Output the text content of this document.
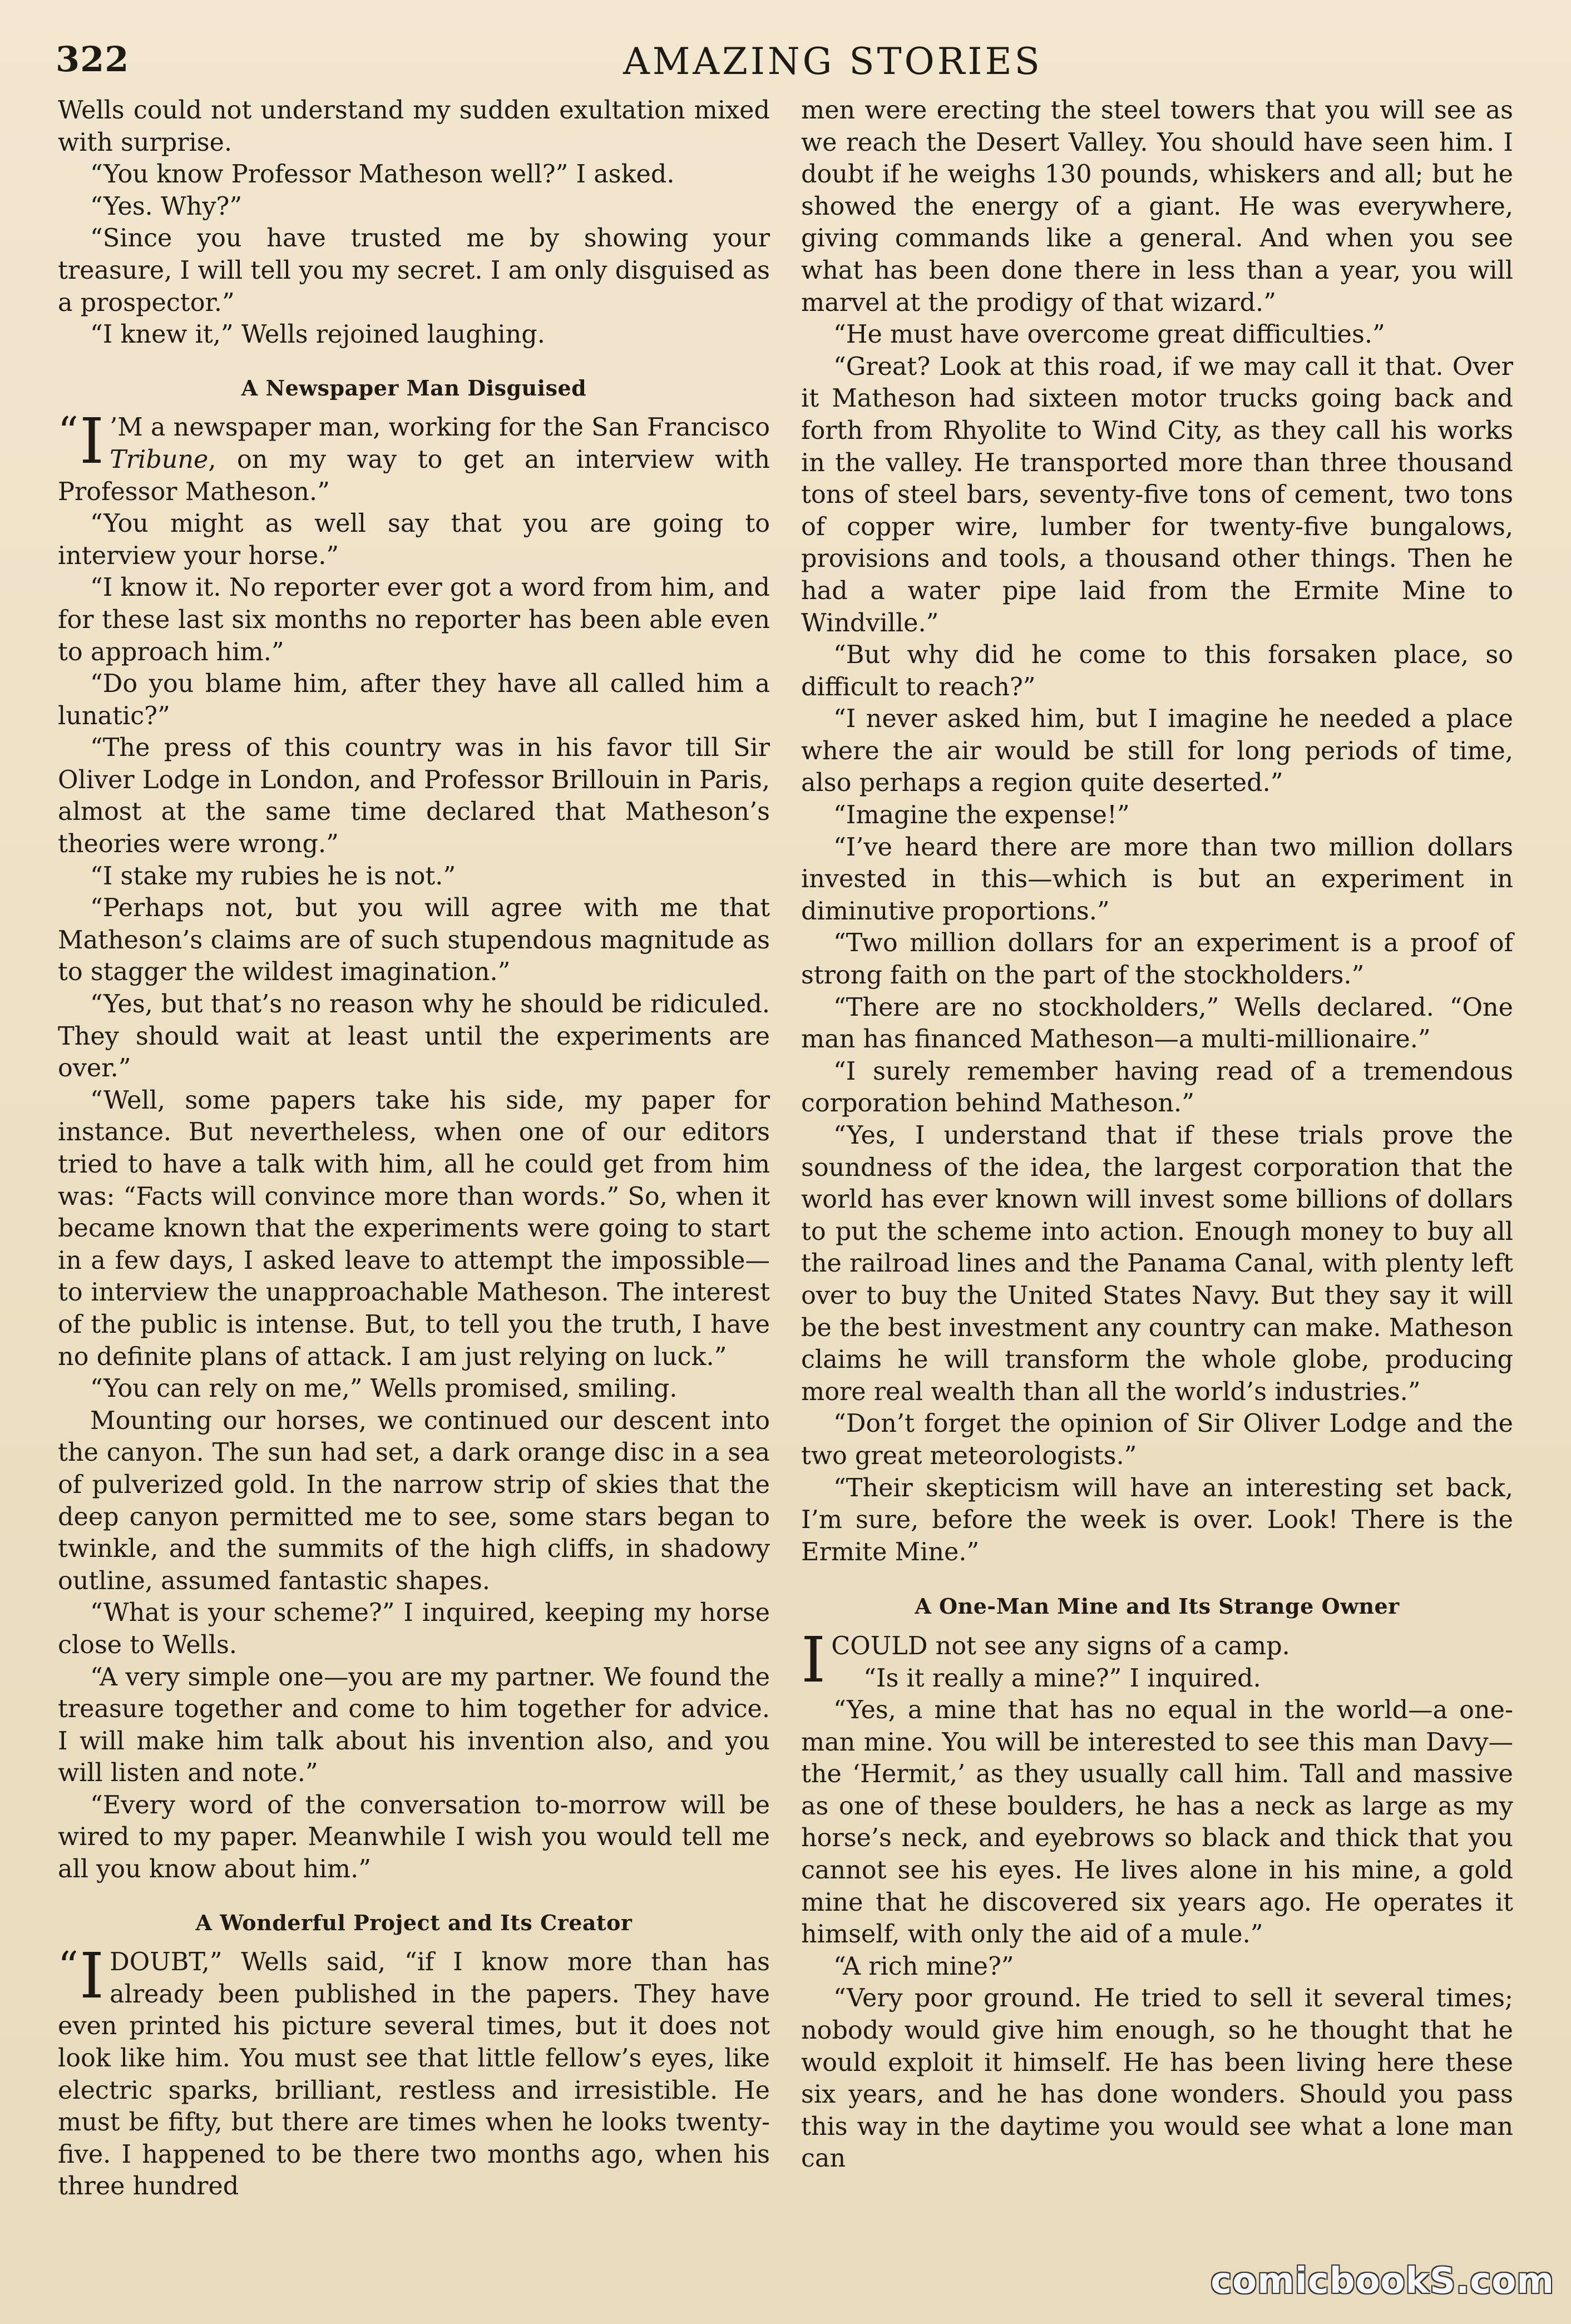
322	AMAZING STORIES

Wells could not understand my sudden exultation mixed with surprise.

“You know Professor Matheson well?” I asked.

“Yes. Why?”

“Since you have trusted me by showing your treasure, I will tell you my secret. I am only disguised as a prospector.”

“I knew it,” Wells rejoined laughing.

A Newspaper Man Disguised

“ I ’M a newspaper man, working for the San Francisco Tribune, on my way to get an interview with Professor Matheson.”

“You might as well say that you are going to interview your horse.”

“I know it. No reporter ever got a word from him, and for these last six months no reporter has been able even to approach him.”

“Do you blame him, after they have all called him a lunatic?”

“The press of this country was in his favor till Sir Oliver Lodge in London, and Professor Brillouin in Paris, almost at the same time declared that Matheson’s theories were wrong.”

“I stake my rubies he is not.”

“Perhaps not, but you will agree with me that Matheson’s claims are of such stupendous magnitude as to stagger the wildest imagination.”

“Yes, but that’s no reason why he should be ridiculed. They should wait at least until the experiments are over.”

“Well, some papers take his side, my paper for instance. But nevertheless, when one of our editors tried to have a talk with him, all he could get from him was: “Facts will convince more than words.” So, when it became known that the experiments were going to start in a few days, I asked leave to attempt the impossible—to interview the unapproachable Matheson. The interest of the public is intense. But, to tell you the truth, I have no definite plans of attack. I am just relying on luck.”

“You can rely on me,” Wells promised, smiling.

Mounting our horses, we continued our descent into the canyon. The sun had set, a dark orange disc in a sea of pulverized gold. In the narrow strip of skies that the deep canyon permitted me to see, some stars began to twinkle, and the summits of the high cliffs, in shadowy outline, assumed fantastic shapes.

“What is your scheme?” I inquired, keeping my horse close to Wells.

“A very simple one—you are my partner. We found the treasure together and come to him together for advice. I will make him talk about his invention also, and you will listen and note.”

“Every word of the conversation to-morrow will be wired to my paper. Meanwhile I wish you would tell me all you know about him.”

A Wonderful Project and Its Creator

“ I DOUBT,” Wells said, “if I know more than has already been published in the papers. They have even printed his picture several times, but it does not look like him. You must see that little fellow’s eyes, like electric sparks, brilliant, restless and irresistible. He must be fifty, but there are times when he looks twenty-five. I happened to be there two months ago, when his three hundred

men were erecting the steel towers that you will see as we reach the Desert Valley. You should have seen him. I doubt if he weighs 130 pounds, whiskers and all; but he showed the energy of a giant. He was everywhere, giving commands like a general. And when you see what has been done there in less than a year, you will marvel at the prodigy of that wizard.”

“He must have overcome great difficulties.”

“Great? Look at this road, if we may call it that. Over it Matheson had sixteen motor trucks going back and forth from Rhyolite to Wind City, as they call his works in the valley. He transported more than three thousand tons of steel bars, seventy-five tons of cement, two tons of copper wire, lumber for twenty-five bungalows, provisions and tools, a thousand other things. Then he had a water pipe laid from the Ermite Mine to Windville.”

“But why did he come to this forsaken place, so difficult to reach?”

“I never asked him, but I imagine he needed a place where the air would be still for long periods of time, also perhaps a region quite deserted.”

“Imagine the expense!”

“I’ve heard there are more than two million dollars invested in this—which is but an experiment in diminutive proportions.”

“Two million dollars for an experiment is a proof of strong faith on the part of the stockholders.”

“There are no stockholders,” Wells declared. “One man has financed Matheson—a multi-millionaire.”

“I surely remember having read of a tremendous corporation behind Matheson.”

“Yes, I understand that if these trials prove the soundness of the idea, the largest corporation that the world has ever known will invest some billions of dollars to put the scheme into action. Enough money to buy all the railroad lines and the Panama Canal, with plenty left over to buy the United States Navy. But they say it will be the best investment any country can make. Matheson claims he will transform the whole globe, producing more real wealth than all the world’s industries.”

“Don’t forget the opinion of Sir Oliver Lodge and the two great meteorologists.”

“Their skepticism will have an interesting set back, I’m sure, before the week is over. Look! There is the Ermite Mine.”

A One-Man Mine and Its Strange Owner

I COULD not see any signs of a camp.

“Is it really a mine?” I inquired.

“Yes, a mine that has no equal in the world—a one-man mine. You will be interested to see this man Davy—the ‘Hermit,’ as they usually call him. Tall and massive as one of these boulders, he has a neck as large as my horse’s neck, and eyebrows so black and thick that you cannot see his eyes. He lives alone in his mine, a gold mine that he discovered six years ago. He operates it himself, with only the aid of a mule.”

“A rich mine?”

“Very poor ground. He tried to sell it several times; nobody would give him enough, so he thought that he would exploit it himself. He has been living here these six years, and he has done wonders. Should you pass this way in the daytime you would see what a lone man can

comicbookS.com
